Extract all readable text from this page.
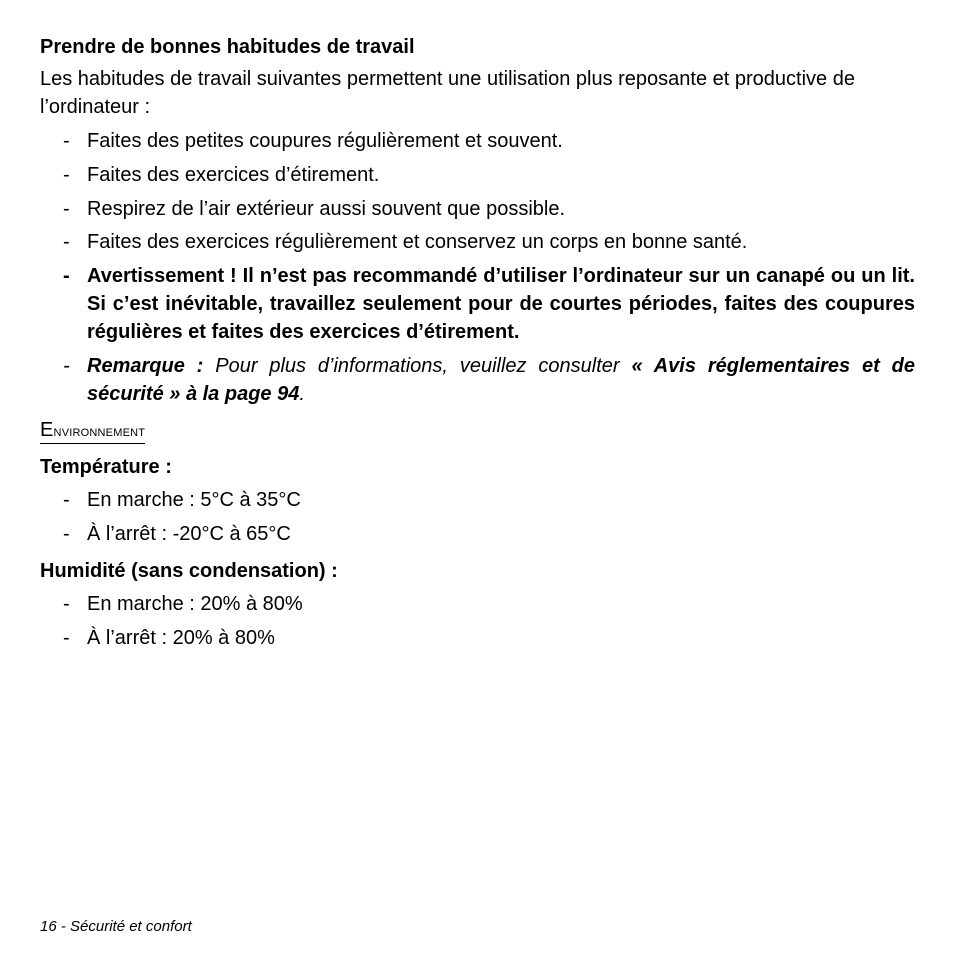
Prendre de bonnes habitudes de travail
Les habitudes de travail suivantes permettent une utilisation plus reposante et productive de l’ordinateur :
- Faites des petites coupures régulièrement et souvent.
- Faites des exercices d’étirement.
- Respirez de l’air extérieur aussi souvent que possible.
- Faites des exercices régulièrement et conservez un corps en bonne santé.
- Avertissement ! Il n’est pas recommandé d’utiliser l’ordinateur sur un canapé ou un lit. Si c’est inévitable, travaillez seulement pour de courtes périodes, faites des coupures régulières et faites des exercices d’étirement.
- Remarque : Pour plus d’informations, veuillez consulter « Avis réglementaires et de sécurité » à la page 94.
Environnement
Température :
- En marche : 5°C à 35°C
- À l’arrêt : -20°C à 65°C
Humidité (sans condensation) :
- En marche : 20% à 80%
- À l’arrêt : 20% à 80%
16 - Sécurité et confort
